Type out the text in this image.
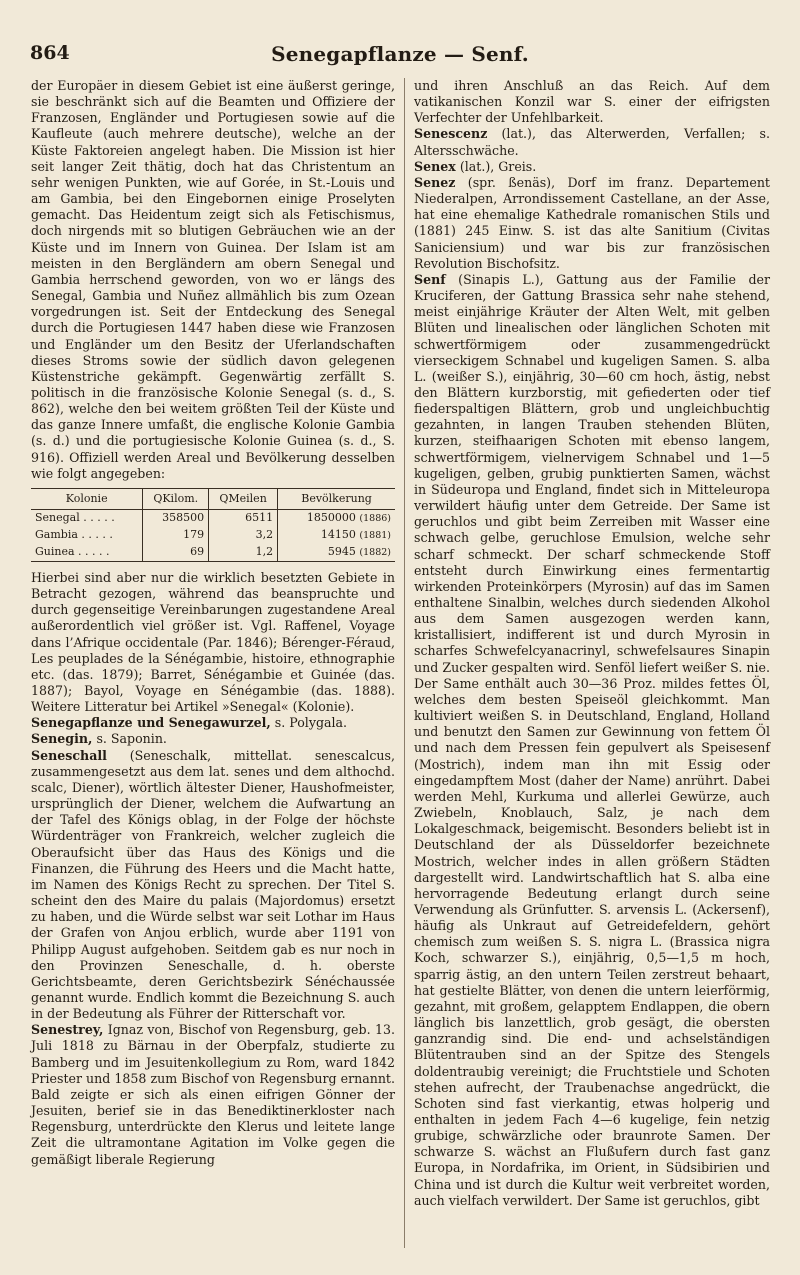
864	Senegapflanze — Senf.

der Europäer in diesem Gebiet ist eine äußerst geringe, sie beschränkt sich auf die Beamten und Offiziere der Franzosen, Engländer und Portugiesen sowie auf die Kaufleute (auch mehrere deutsche), welche an der Küste Faktoreien angelegt haben. Die Mission ist hier seit langer Zeit thätig, doch hat das Christentum an sehr wenigen Punkten, wie auf Gorée, in St.-Louis und am Gambia, bei den Eingebornen einige Proselyten gemacht. Das Heidentum zeigt sich als Fetischismus, doch nirgends mit so blutigen Gebräuchen wie an der Küste und im Innern von Guinea. Der Islam ist am meisten in den Bergländern am obern Senegal und Gambia herrschend geworden, von wo er längs des Senegal, Gambia und Nuñez allmählich bis zum Ozean vorgedrungen ist. Seit der Entdeckung des Senegal durch die Portugiesen 1447 haben diese wie Franzosen und Engländer um den Besitz der Uferlandschaften dieses Stroms sowie der südlich davon gelegenen Küstenstriche gekämpft. Gegenwärtig zerfällt S. politisch in die französische Kolonie Senegal (s. d., S. 862), welche den bei weitem größten Teil der Küste und das ganze Innere umfaßt, die englische Kolonie Gambia (s. d.) und die portugiesische Kolonie Guinea (s. d., S. 916). Offiziell werden Areal und Bevölkerung desselben wie folgt angegeben:

Kolonie	QKilom.	QMeilen	Bevölkerung
Senegal . . . . .	358500	6511	1850000 (1886)
Gambia . . . . .	179	3,2	14150 (1881)
Guinea . . . . .	69	1,2	5945 (1882)

Hierbei sind aber nur die wirklich besetzten Gebiete in Betracht gezogen, während das beanspruchte und durch gegenseitige Vereinbarungen zugestandene Areal außerordentlich viel größer ist. Vgl. Raffenel, Voyage dans l’Afrique occidentale (Par. 1846); Bérenger-Féraud, Les peuplades de la Sénégambie, histoire, ethnographie etc. (das. 1879); Barret, Sénégambie et Guinée (das. 1887); Bayol, Voyage en Sénégambie (das. 1888). Weitere Litteratur bei Artikel »Senegal« (Kolonie).

Senegapflanze und Senegawurzel, s. Polygala.

Senegin, s. Saponin.

Seneschall (Seneschalk, mittellat. senescalcus, zusammengesetzt aus dem lat. senes und dem althochd. scalc, Diener), wörtlich ältester Diener, Haushofmeister, ursprünglich der Diener, welchem die Aufwartung an der Tafel des Königs oblag, in der Folge der höchste Würdenträger von Frankreich, welcher zugleich die Oberaufsicht über das Haus des Königs und die Finanzen, die Führung des Heers und die Macht hatte, im Namen des Königs Recht zu sprechen. Der Titel S. scheint den des Maire du palais (Majordomus) ersetzt zu haben, und die Würde selbst war seit Lothar im Haus der Grafen von Anjou erblich, wurde aber 1191 von Philipp August aufgehoben. Seitdem gab es nur noch in den Provinzen Seneschalle, d. h. oberste Gerichtsbeamte, deren Gerichtsbezirk Sénéchaussée genannt wurde. Endlich kommt die Bezeichnung S. auch in der Bedeutung als Führer der Ritterschaft vor.

Senestrey, Ignaz von, Bischof von Regensburg, geb. 13. Juli 1818 zu Bärnau in der Oberpfalz, studierte zu Bamberg und im Jesuitenkollegium zu Rom, ward 1842 Priester und 1858 zum Bischof von Regensburg ernannt. Bald zeigte er sich als einen eifrigen Gönner der Jesuiten, berief sie in das Benediktinerkloster nach Regensburg, unterdrückte den Klerus und leitete lange Zeit die ultramontane Agitation im Volke gegen die gemäßigt liberale Regierung

und ihren Anschluß an das Reich. Auf dem vatikanischen Konzil war S. einer der eifrigsten Verfechter der Unfehlbarkeit.

Senescenz (lat.), das Alterwerden, Verfallen; s. Altersschwäche.

Senex (lat.), Greis.

Senez (spr. ßenäs), Dorf im franz. Departement Niederalpen, Arrondissement Castellane, an der Asse, hat eine ehemalige Kathedrale romanischen Stils und (1881) 245 Einw. S. ist das alte Sanitium (Civitas Saniciensium) und war bis zur französischen Revolution Bischofsitz.

Senf (Sinapis L.), Gattung aus der Familie der Kruciferen, der Gattung Brassica sehr nahe stehend, meist einjährige Kräuter der Alten Welt, mit gelben Blüten und linealischen oder länglichen Schoten mit schwertförmigem oder zusammengedrückt vierseckigem Schnabel und kugeligen Samen. S. alba L. (weißer S.), einjährig, 30—60 cm hoch, ästig, nebst den Blättern kurzborstig, mit gefiederten oder tief fiederspaltigen Blättern, grob und ungleichbuchtig gezahnten, in langen Trauben stehenden Blüten, kurzen, steifhaarigen Schoten mit ebenso langem, schwertförmigem, vielnervigem Schnabel und 1—5 kugeligen, gelben, grubig punktierten Samen, wächst in Südeuropa und England, findet sich in Mitteleuropa verwildert häufig unter dem Getreide. Der Same ist geruchlos und gibt beim Zerreiben mit Wasser eine schwach gelbe, geruchlose Emulsion, welche sehr scharf schmeckt. Der scharf schmeckende Stoff entsteht durch Einwirkung eines fermentartig wirkenden Proteinkörpers (Myrosin) auf das im Samen enthaltene Sinalbin, welches durch siedenden Alkohol aus dem Samen ausgezogen werden kann, kristallisiert, indifferent ist und durch Myrosin in scharfes Schwefelcyanacrinyl, schwefelsaures Sinapin und Zucker gespalten wird. Senföl liefert weißer S. nie. Der Same enthält auch 30—36 Proz. mildes fettes Öl, welches dem besten Speiseöl gleichkommt. Man kultiviert weißen S. in Deutschland, England, Holland und benutzt den Samen zur Gewinnung von fettem Öl und nach dem Pressen fein gepulvert als Speisesenf (Mostrich), indem man ihn mit Essig oder eingedampftem Most (daher der Name) anrührt. Dabei werden Mehl, Kurkuma und allerlei Gewürze, auch Zwiebeln, Knoblauch, Salz, je nach dem Lokalgeschmack, beigemischt. Besonders beliebt ist in Deutschland der als Düsseldorfer bezeichnete Mostrich, welcher indes in allen größern Städten dargestellt wird. Landwirtschaftlich hat S. alba eine hervorragende Bedeutung erlangt durch seine Verwendung als Grünfutter. S. arvensis L. (Ackersenf), häufig als Unkraut auf Getreidefeldern, gehört chemisch zum weißen S. S. nigra L. (Brassica nigra Koch, schwarzer S.), einjährig, 0,5—1,5 m hoch, sparrig ästig, an den untern Teilen zerstreut behaart, hat gestielte Blätter, von denen die untern leierförmig, gezahnt, mit großem, gelapptem Endlappen, die obern länglich bis lanzettlich, grob gesägt, die obersten ganzrandig sind. Die end- und achselständigen Blütentrauben sind an der Spitze des Stengels doldentraubig vereinigt; die Fruchtstiele und Schoten stehen aufrecht, der Traubenachse angedrückt, die Schoten sind fast vierkantig, etwas holperig und enthalten in jedem Fach 4—6 kugelige, fein netzig grubige, schwärzliche oder braunrote Samen. Der schwarze S. wächst an Flußufern durch fast ganz Europa, in Nordafrika, im Orient, in Südsibirien und China und ist durch die Kultur weit verbreitet worden, auch vielfach verwildert. Der Same ist geruchlos, gibt
